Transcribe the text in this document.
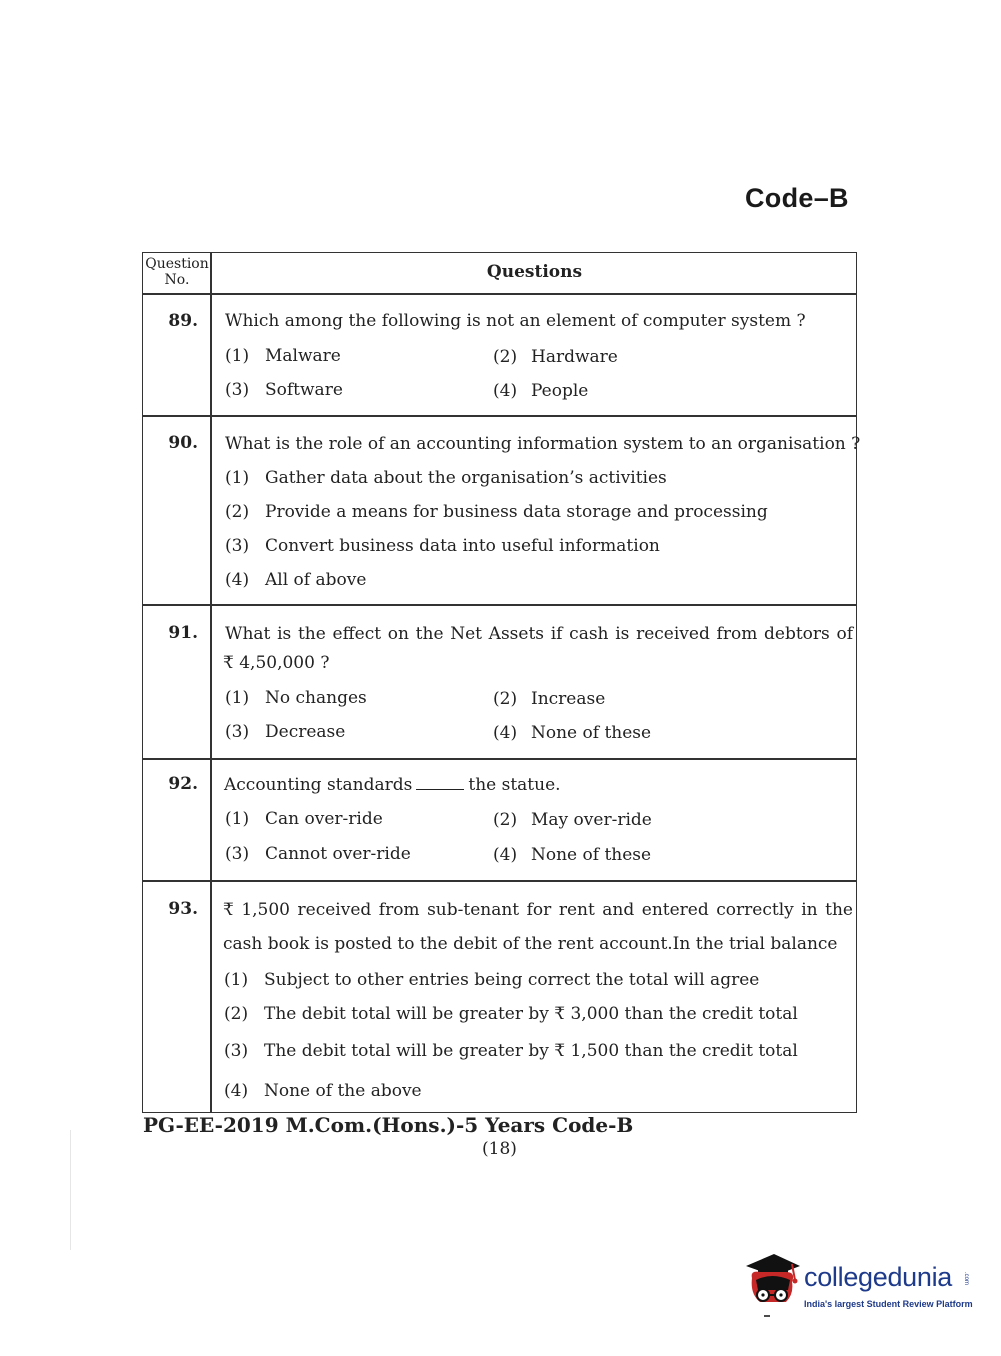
Code–B
Question
No.	Questions
89.	Which among the following is not an element of computer system ?
(1) Malware	(2) Hardware
(3) Software	(4) People
90.	What is the role of an accounting information system to an organisation ?
(1) Gather data about the organisation’s activities
(2) Provide a means for business data storage and processing
(3) Convert business data into useful information
(4) All of above
91.	What is the effect on the Net Assets if cash is received from debtors of
₹ 4,50,000 ?
(1) No changes	(2) Increase
(3) Decrease	(4) None of these
92.	Accounting standards	the statue.
(1) Can over-ride	(2) May over-ride
(3) Cannot over-ride	(4) None of these
93.	₹ 1,500 received from sub-tenant for rent and entered correctly in the
cash book is posted to the debit of the rent account.In the trial balance
(1) Subject to other entries being correct the total will agree
(2) The debit total will be greater by ₹ 3,000 than the credit total
(3) The debit total will be greater by ₹ 1,500 than the credit total
(4) None of the above
PG-EE-2019 M.Com.(Hons.)-5 Years Code-B
(18)
collegedunia .com
India's largest Student Review Platform
